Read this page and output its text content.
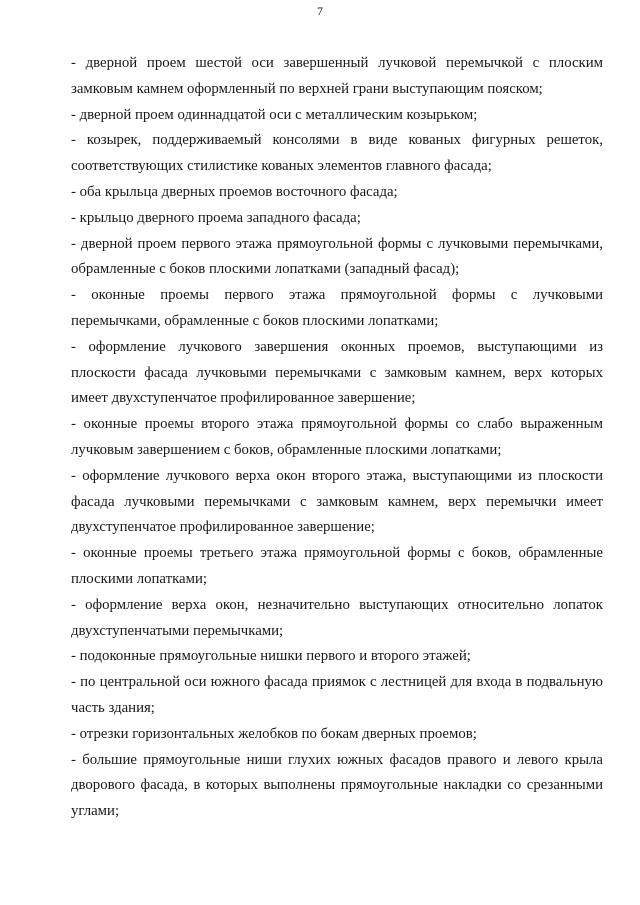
7

- дверной проем шестой оси завершенный лучковой перемычкой с плоским замковым камнем оформленный по верхней грани выступающим пояском;

- дверной проем одиннадцатой оси с металлическим козырьком;

- козырек, поддерживаемый консолями в виде кованых фигурных решеток, соответствующих стилистике кованых элементов главного фасада;

- оба крыльца дверных проемов восточного фасада;

- крыльцо дверного проема западного фасада;

- дверной проем первого этажа прямоугольной формы с лучковыми перемычками, обрамленные с боков плоскими лопатками (западный фасад);

- оконные проемы первого этажа прямоугольной формы с лучковыми перемычками, обрамленные с боков плоскими лопатками;

- оформление лучкового завершения оконных проемов, выступающими из плоскости фасада лучковыми перемычками с замковым камнем, верх которых имеет двухступенчатое профилированное завершение;

- оконные проемы второго этажа прямоугольной формы со слабо выраженным лучковым завершением с боков, обрамленные плоскими лопатками;

- оформление лучкового верха окон второго этажа, выступающими из плоскости фасада лучковыми перемычками с замковым камнем, верх перемычки имеет двухступенчатое профилированное завершение;

- оконные проемы третьего этажа прямоугольной формы с боков, обрамленные плоскими лопатками;

- оформление верха окон, незначительно выступающих относительно лопаток двухступенчатыми перемычками;

- подоконные прямоугольные нишки первого и второго этажей;

- по центральной оси южного фасада приямок с лестницей для входа в подвальную часть здания;

- отрезки горизонтальных желобков по бокам дверных проемов;

- большие прямоугольные ниши глухих южных фасадов правого и левого крыла дворового фасада, в которых выполнены прямоугольные накладки со срезанными углами;
